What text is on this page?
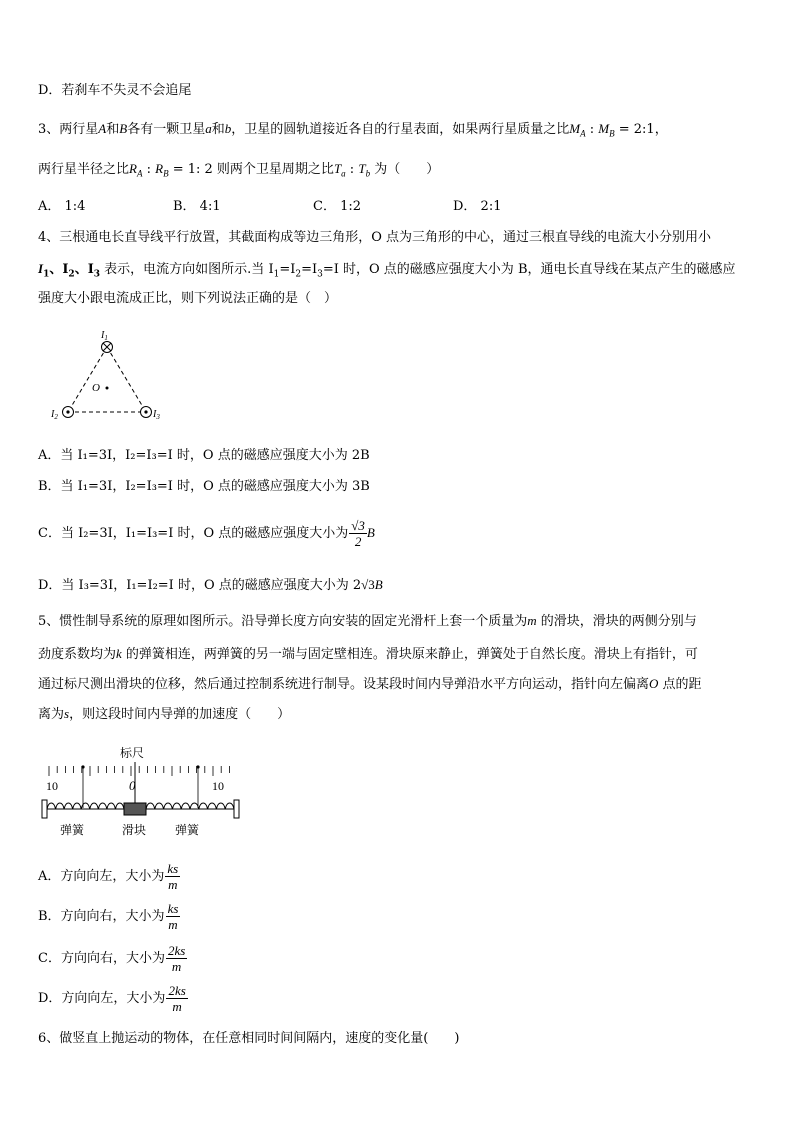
D．若刹车不失灵不会追尾
3、两行星A和B各有一颗卫星a和b，卫星的圆轨道接近各自的行星表面，如果两行星质量之比$M_A$ : $M_B$ = 2:1，
两行星半径之比$R_A$ : $R_B = 1$: 2 则两个卫星周期之比$T_a$ : $T_b$ 为（　　）
A． 1:4	B． 4:1	C． 1:2	D． 2:1
4、三根通电长直导线平行放置，其截面构成等边三角形，O 点为三角形的中心，通过三根直导线的电流大小分别用小
$I_1$、$I_2$、$I_3$ 表示，电流方向如图所示.当 $I_1=I_2=I_3=I$ 时，O 点的磁感应强度大小为 B，通电长直导线在某点产生的磁感应
强度大小跟电流成正比，则下列说法正确的是（　）
$I_1$
O
$I_2$	$I_3$
A．当 I₁=3I，I₂=I₃=I 时，O 点的磁感应强度大小为 2B
B．当 I₁=3I，I₂=I₃=I 时，O 点的磁感应强度大小为 3B
C．当 I₂=3I，I₁=I₃=I 时，O 点的磁感应强度大小为 $\frac{√3}{2}$ B
D．当 I₃=3I，I₁=I₂=I 时，O 点的磁感应强度大小为 2√3B
5、惯性制导系统的原理如图所示。沿导弹长度方向安装的固定光滑杆上套一个质量为m 的滑块，滑块的两侧分别与
劲度系数均为k 的弹簧相连，两弹簧的另一端与固定壁相连。滑块原来静止，弹簧处于自然长度。滑块上有指针，可
通过标尺测出滑块的位移，然后通过控制系统进行制导。设某段时间内导弹沿水平方向运动，指针向左偏离O 点的距
离为s，则这段时间内导弹的加速度（　　）
标尺
10	0	10
弹簧	滑块 弹簧
A．方向向左，大小为 $\frac{ks}{m}$
B．方向向右，大小为 $\frac{ks}{m}$
C．方向向右，大小为 $\frac{2ks}{m}$
D．方向向左，大小为 $\frac{2ks}{m}$
6、做竖直上抛运动的物体，在任意相同时间间隔内，速度的变化量(　　)
